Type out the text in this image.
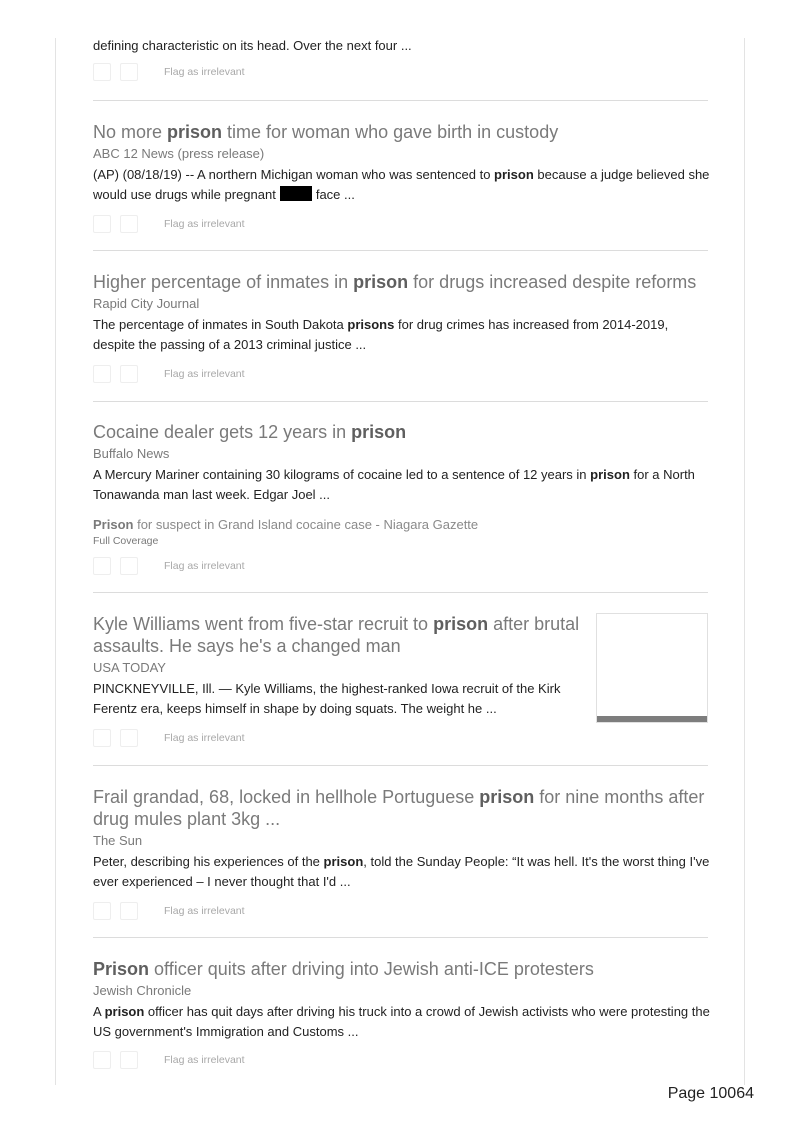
defining characteristic on its head. Over the next four ...
Flag as irrelevant
No more prison time for woman who gave birth in custody
ABC 12 News (press release)
(AP) (08/18/19) -- A northern Michigan woman who was sentenced to prison because a judge believed she would use drugs while pregnant	face ...
Flag as irrelevant
Higher percentage of inmates in prison for drugs increased despite reforms
Rapid City Journal
The percentage of inmates in South Dakota prisons for drug crimes has increased from 2014-2019, despite the passing of a 2013 criminal justice ...
Flag as irrelevant
Cocaine dealer gets 12 years in prison
Buffalo News
A Mercury Mariner containing 30 kilograms of cocaine led to a sentence of 12 years in prison for a North Tonawanda man last week. Edgar Joel ...
Prison for suspect in Grand Island cocaine case - Niagara Gazette
Full Coverage
Flag as irrelevant
Kyle Williams went from five-star recruit to prison after brutal assaults. He says he's a changed man
USA TODAY
PINCKNEYVILLE, Ill. — Kyle Williams, the highest-ranked Iowa recruit of the Kirk Ferentz era, keeps himself in shape by doing squats. The weight he ...
Flag as irrelevant
Frail grandad, 68, locked in hellhole Portuguese prison for nine months after drug mules plant 3kg ...
The Sun
Peter, describing his experiences of the prison, told the Sunday People: “It was hell. It's the worst thing I've ever experienced – I never thought that I'd ...
Flag as irrelevant
Prison officer quits after driving into Jewish anti-ICE protesters
Jewish Chronicle
A prison officer has quit days after driving his truck into a crowd of Jewish activists who were protesting the US government's Immigration and Customs ...
Flag as irrelevant
Page 10064
